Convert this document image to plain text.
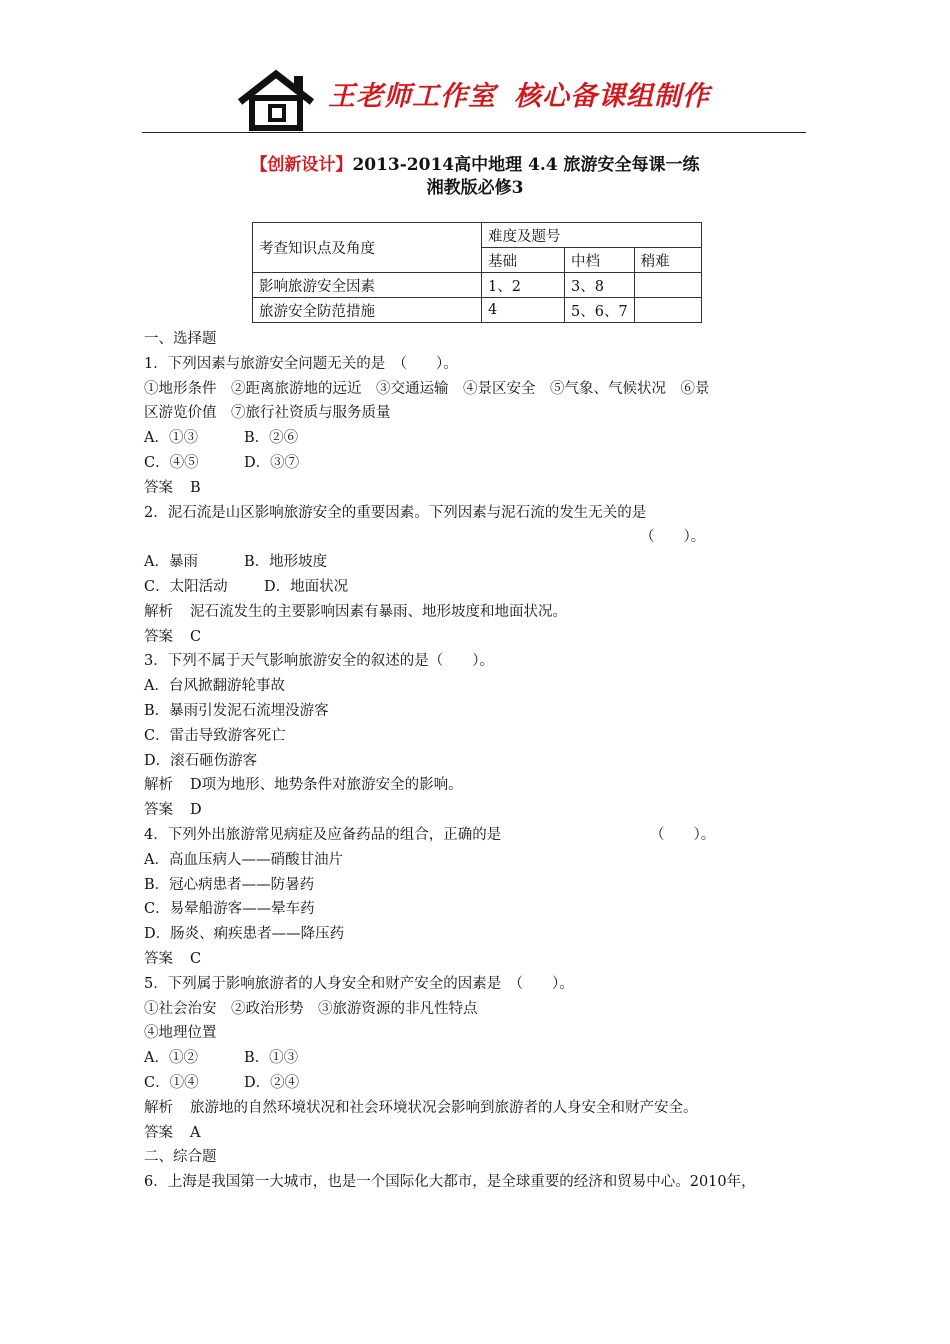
王老师工作室 核心备课组制作
【创新设计】2013-2014高中地理 4.4 旅游安全每课一练
湘教版必修3
考查知识点及角度	难度及题号		
	基础	中档	稍难
影响旅游安全因素	1、2	3、8	
旅游安全防范措施	4	5、6、7	
一、选择题
1．下列因素与旅游安全问题无关的是　（　　）。
①地形条件　②距离旅游地的远近　③交通运输　④景区安全　⑤气象、气候状况　⑥景
区游览价值　⑦旅行社资质与服务质量
A．①③	B．②⑥
C．④⑤	D．③⑦
答案 B
2．泥石流是山区影响旅游安全的重要因素。下列因素与泥石流的发生无关的是
（　　）。
A．暴雨	B．地形坡度
C．太阳活动	D．地面状况
解析 泥石流发生的主要影响因素有暴雨、地形坡度和地面状况。
答案 C
3．下列不属于天气影响旅游安全的叙述的是（　　）。
A．台风掀翻游轮事故
B．暴雨引发泥石流埋没游客
C．雷击导致游客死亡
D．滚石砸伤游客
解析 D项为地形、地势条件对旅游安全的影响。
答案 D
4．下列外出旅游常见病症及应备药品的组合，正确的是	（　　）。
A．高血压病人——硝酸甘油片
B．冠心病患者——防暑药
C．易晕船游客——晕车药
D．肠炎、痢疾患者——降压药
答案 C
5．下列属于影响旅游者的人身安全和财产安全的因素是　（　　）。
①社会治安　②政治形势　③旅游资源的非凡性特点
④地理位置
A．①②	B．①③
C．①④	D．②④
解析 旅游地的自然环境状况和社会环境状况会影响到旅游者的人身安全和财产安全。
答案 A
二、综合题
6．上海是我国第一大城市，也是一个国际化大都市，是全球重要的经济和贸易中心。2010年，
